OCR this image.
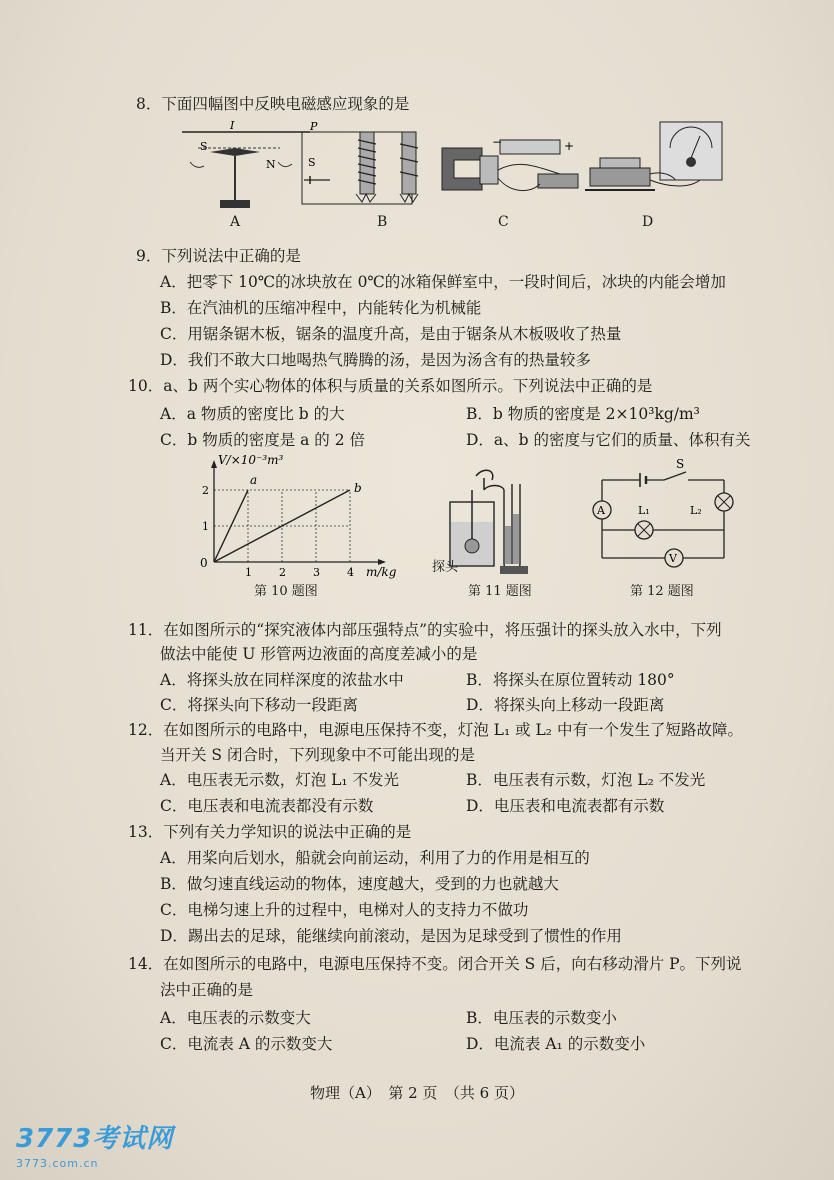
8．下面四幅图中反映电磁感应现象的是
I
S
N
P
S
−	+
A	B	C	D
9．下列说法中正确的是
A．把零下 10℃的冰块放在 0℃的冰箱保鲜室中，一段时间后，冰块的内能会增加
B．在汽油机的压缩冲程中，内能转化为机械能
C．用锯条锯木板，锯条的温度升高，是由于锯条从木板吸收了热量
D．我们不敢大口地喝热气腾腾的汤，是因为汤含有的热量较多
10．a、b 两个实心物体的体积与质量的关系如图所示。下列说法中正确的是
A．a 物质的密度比 b 的大	B．b 物质的密度是 2×10³kg/m³
C．b 物质的密度是 a 的 2 倍	D．a、b 的密度与它们的质量、体积有关
a
b
1 2 3 4
1
2
V/×10⁻³m³
m/kg
0
第 10 题图
探头
第 11 题图
S
A	L₁	L₂
V
第 12 题图
11．在如图所示的“探究液体内部压强特点”的实验中，将压强计的探头放入水中，下列
做法中能使 U 形管两边液面的高度差减小的是
A．将探头放在同样深度的浓盐水中	B．将探头在原位置转动 180°
C．将探头向下移动一段距离	D．将探头向上移动一段距离
12．在如图所示的电路中，电源电压保持不变，灯泡 L₁ 或 L₂ 中有一个发生了短路故障。
当开关 S 闭合时，下列现象中不可能出现的是
A．电压表无示数，灯泡 L₁ 不发光	B．电压表有示数，灯泡 L₂ 不发光
C．电压表和电流表都没有示数	D．电压表和电流表都有示数
13．下列有关力学知识的说法中正确的是
A．用桨向后划水，船就会向前运动，利用了力的作用是相互的
B．做匀速直线运动的物体，速度越大，受到的力也就越大
C．电梯匀速上升的过程中，电梯对人的支持力不做功
D．踢出去的足球，能继续向前滚动，是因为足球受到了惯性的作用
14．在如图所示的电路中，电源电压保持不变。闭合开关 S 后，向右移动滑片 P。下列说
法中正确的是
A．电压表的示数变大	B．电压表的示数变小
C．电流表 A 的示数变大	D．电流表 A₁ 的示数变小
物理（A）　第 2 页　（共 6 页）
3773考试网
3773.com.cn
